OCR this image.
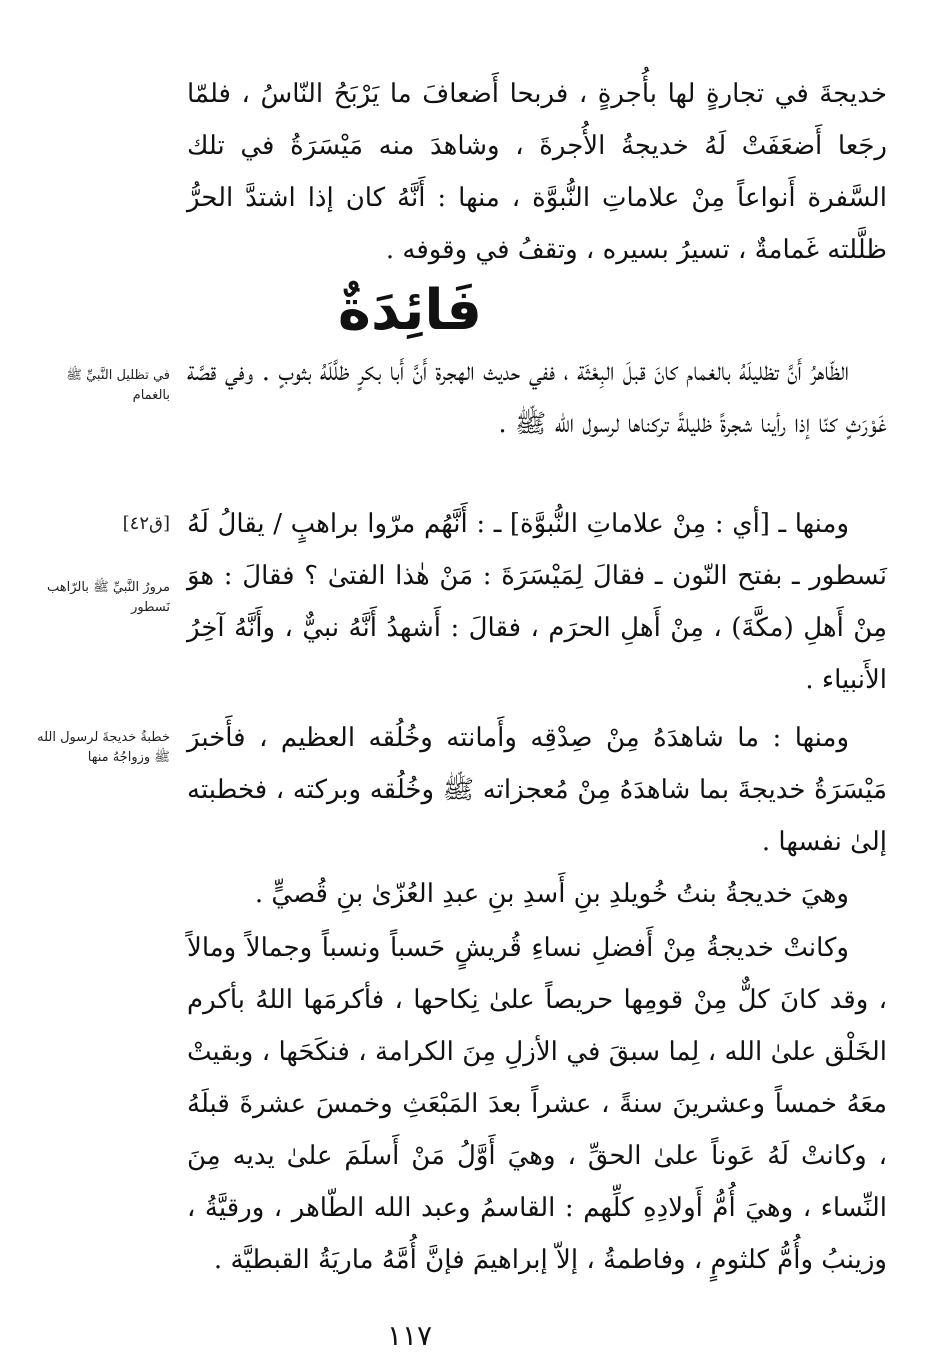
خديجةَ في تجارةٍ لها بأُجرةٍ ، فربحا أَضعافَ ما يَرْبَحُ النّاسُ ، فلمّا رجَعا أَضعَفَتْ لَهُ خديجةُ الأُجرةَ ، وشاهدَ منه مَيْسَرَةُ في تلك السَّفرة أَنواعاً مِنْ علاماتِ النُّبوَّة ، منها : أَنَّهُ كان إذا اشتدَّ الحرُّ ظلَّلته غَمامةٌ ، تسيرُ بسيره ، وتقفُ في وقوفه .

فَائِدَةٌ

الظّاهرُ أَنَّ تظليلَهُ بالغمام كانَ قبلَ البِعْثَة ، ففي حديث الهجرة أَنَّ أَبا بكرٍ ظلَّلَهُ بثوبٍ . وفي قصَّة غَوْرَثٍ كنّا إذا رأينا شجرةً ظليلةً تركناها لرسول الله ﷺ .

في تظليل النَّبيِّ ﷺ بالغمام

ومنها ـ [أي : مِنْ علاماتِ النُّبوَّة] ـ : أَنَّهُم مرّوا براهبٍ / يقالُ لَهُ نَسطور ـ بفتح النّون ـ فقالَ لِمَيْسَرَةَ : مَنْ هٰذا الفتىٰ ؟ فقالَ : هوَ مِنْ أَهلِ (مكَّةَ) ، مِنْ أَهلِ الحرَم ، فقالَ : أَشهدُ أَنَّهُ نبيٌّ ، وأَنَّهُ آخِرُ الأَنبياء .

[ق٤٢]
مرورُ النَّبيِّ ﷺ بالرّاهب نَسطور

ومنها : ما شاهدَهُ مِنْ صِدْقِه وأَمانته وخُلُقه العظيم ، فأَخبرَ مَيْسَرَةُ خديجةَ بما شاهدَهُ مِنْ مُعجزاته ﷺ وخُلُقه وبركته ، فخطبته إلىٰ نفسها .

خطبةُ خديجةَ لرسول الله ﷺ وزواجُهُ منها

وهيَ خديجةُ بنتُ خُويلدِ بنِ أَسدِ بنِ عبدِ العُزّىٰ بنِ قُصيٍّ .

وكانتْ خديجةُ مِنْ أَفضلِ نساءِ قُريشٍ حَسباً ونسباً وجمالاً ومالاً ، وقد كانَ كلٌّ مِنْ قومِها حريصاً علىٰ نِكاحها ، فأكرمَها اللهُ بأكرم الخَلْق علىٰ الله ، لِما سبقَ في الأزلِ مِنَ الكرامة ، فنكَحَها ، وبقيتْ معَهُ خمساً وعشرينَ سنةً ، عشراً بعدَ المَبْعَثِ وخمسَ عشرةَ قبلَهُ ، وكانتْ لَهُ عَوناً علىٰ الحقِّ ، وهيَ أَوَّلُ مَنْ أَسلَمَ علىٰ يديه مِنَ النِّساء ، وهيَ أُمُّ أَولادِهِ كلِّهم : القاسمُ وعبد الله الطّاهر ، ورقيَّةُ ، وزينبُ وأُمُّ كلثومٍ ، وفاطمةُ ، إلاّ إبراهيمَ فإنَّ أُمَّهُ ماريَةُ القبطيَّة .

١١٧
